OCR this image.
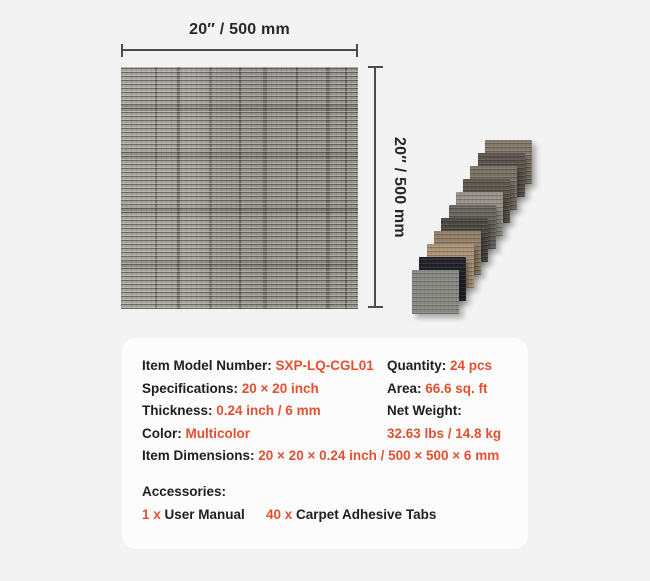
20″ / 500 mm
20″ / 500 mm
Item Model Number: SXP-LQ-CGL01 Quantity: 24 pcs
Specifications: 20 × 20 inch	Area: 66.6 sq. ft
Thickness: 0.24 inch / 6 mm	Net Weight:
Color: Multicolor	32.63 lbs / 14.8 kg
Item Dimensions: 20 × 20 × 0.24 inch / 500 × 500 × 6 mm
Accessories:
1 x User Manual	40 x Carpet Adhesive Tabs
